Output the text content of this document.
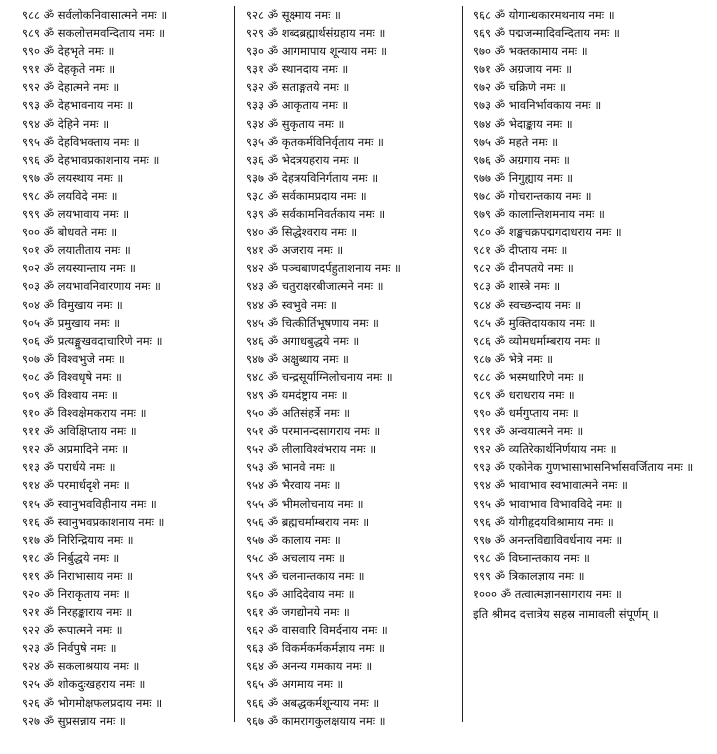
९८८ ॐ सर्वलोकनिवासात्मने नमः ॥
९८९ ॐ सकलोत्तमवन्दिताय नमः ॥
९९० ॐ देहभृते नमः ॥
९९१ ॐ देहकृते नमः ॥
९९२ ॐ देहात्मने नमः ॥
९९३ ॐ देहभावनाय नमः ॥
९९४ ॐ देहिने नमः ॥
९९५ ॐ देहविभक्ताय नमः ॥
९९६ ॐ देहभावप्रकाशनाय नमः ॥
९९७ ॐ लयस्थाय नमः ॥
९९८ ॐ लयविदे नमः ॥
९९९ ॐ लयभावाय नमः ॥
९०० ॐ बोधवते नमः ॥
९०१ ॐ लयातीताय नमः ॥
९०२ ॐ लयस्यान्ताय नमः ॥
९०३ ॐ लयभावनिवारणाय नमः ॥
९०४ ॐ विमुखाय नमः ॥
९०५ ॐ प्रमुखाय नमः ॥
९०६ ॐ प्रत्यङ्मुखवदाचारिणे नमः ॥
९०७ ॐ विश्वभुजे नमः ॥
९०८ ॐ विश्वधृषे नमः ॥
९०९ ॐ विश्वाय नमः ॥
९१० ॐ विश्वक्षेमकराय नमः ॥
९११ ॐ अविक्षिप्ताय नमः ॥
९१२ ॐ अप्रमादिने नमः ॥
९१३ ॐ परार्धये नमः ॥
९१४ ॐ परमार्धदृशे नमः ॥
९१५ ॐ स्वानुभवविहीनाय नमः ॥
९१६ ॐ स्वानुभवप्रकाशनाय नमः ॥
९१७ ॐ निरिन्द्रियाय नमः ॥
९१८ ॐ निर्बुद्धये नमः ॥
९१९ ॐ निराभासाय नमः ॥
९२० ॐ निराकृताय नमः ॥
९२१ ॐ निरहङ्काराय नमः ॥
९२२ ॐ रूपात्मने नमः ॥
९२३ ॐ निर्वपुषे नमः ॥
९२४ ॐ सकलाश्रयाय नमः ॥
९२५ ॐ शोकदुःखहराय नमः ॥
९२६ ॐ भोगमोक्षफलप्रदाय नमः ॥
९२७ ॐ सुप्रसन्नाय नमः ॥
९२८ ॐ सूक्ष्माय नमः ॥
९२९ ॐ शब्दब्रह्मार्थसंग्रहाय नमः ॥
९३० ॐ आगमापाय शून्याय नमः ॥
९३१ ॐ स्थानदाय नमः ॥
९३२ ॐ सताङ्गतये नमः ॥
९३३ ॐ आकृताय नमः ॥
९३४ ॐ सुकृताय नमः ॥
९३५ ॐ कृतकर्मविनिर्वृताय नमः ॥
९३६ ॐ भेदत्रयहराय नमः ॥
९३७ ॐ देहत्रयविनिर्गताय नमः ॥
९३८ ॐ सर्वकामप्रदाय नमः ॥
९३९ ॐ सर्वकामनिवर्तकाय नमः ॥
९४० ॐ सिद्धेश्वराय नमः ॥
९४१ ॐ अजराय नमः ॥
९४२ ॐ पञ्चबाणदर्पहुताशनाय नमः ॥
९४३ ॐ चतुराक्षरबीजात्मने नमः ॥
९४४ ॐ स्वभुवे नमः ॥
९४५ ॐ चित्कीर्तिभूषणाय नमः ॥
९४६ ॐ अगाधबुद्धये नमः ॥
९४७ ॐ अक्षुब्धाय नमः ॥
९४८ ॐ चन्द्रसूर्याग्निलोचनाय नमः ॥
९४९ ॐ यमदंष्ट्राय नमः ॥
९५० ॐ अतिसंहर्त्रे नमः ॥
९५१ ॐ परमानन्दसागराय नमः ॥
९५२ ॐ लीलाविश्वंभराय नमः ॥
९५३ ॐ भानवे नमः ॥
९५४ ॐ भैरवाय नमः ॥
९५५ ॐ भीमलोचनाय नमः ॥
९५६ ॐ ब्रह्मचर्माम्बराय नमः ॥
९५७ ॐ कालाय नमः ॥
९५८ ॐ अचलाय नमः ॥
९५९ ॐ चलनान्तकाय नमः ॥
९६० ॐ आदिदेवाय नमः ॥
९६१ ॐ जगद्योनये नमः ॥
९६२ ॐ वासवारि विमर्दनाय नमः ॥
९६३ ॐ विकर्मकर्मकर्मज्ञाय नमः ॥
९६४ ॐ अनन्य गमकाय नमः ॥
९६५ ॐ अगमाय नमः ॥
९६६ ॐ अबद्धकर्मशून्याय नमः ॥
९६७ ॐ कामरागकुलक्षयाय नमः ॥
९६८ ॐ योगान्धकारमथनाय नमः ॥
९६९ ॐ पद्मजन्मादिवन्दिताय नमः ॥
९७० ॐ भक्तकामाय नमः ॥
९७१ ॐ अग्रजाय नमः ॥
९७२ ॐ चक्रिणे नमः ॥
९७३ ॐ भावनिर्भावकाय नमः ॥
९७४ ॐ भेदाङ्काय नमः ॥
९७५ ॐ महते नमः ॥
९७६ ॐ अग्रगाय नमः ॥
९७७ ॐ निगुह्याय नमः ॥
९७८ ॐ गोचरान्तकाय नमः ॥
९७९ ॐ कालान्तिशमनाय नमः ॥
९८० ॐ शङ्खचक्रपद्मगदाधराय नमः ॥
९८१ ॐ दीप्ताय नमः ॥
९८२ ॐ दीनपतये नमः ॥
९८३ ॐ शास्त्रे नमः ॥
९८४ ॐ स्वच्छन्दाय नमः ॥
९८५ ॐ मुक्तिदायकाय नमः ॥
९८६ ॐ व्योमधर्माम्बराय नमः ॥
९८७ ॐ भेत्रे नमः ॥
९८८ ॐ भस्मधारिणे नमः ॥
९८९ ॐ धराधराय नमः ॥
९९० ॐ धर्मगुप्ताय नमः ॥
९९१ ॐ अन्वयात्मने नमः ॥
९९२ ॐ व्यतिरेकार्थनिर्णयाय नमः ॥
९९३ ॐ एकोनेक गुणभासाभासनिर्भासवर्जिताय नमः ॥
९९४ ॐ भावाभाव स्वभावात्मने नमः ॥
९९५ ॐ भावाभाव विभावविदे नमः ॥
९९६ ॐ योगीहृदयविश्रामाय नमः ॥
९९७ ॐ अनन्तविद्याविवर्धनाय नमः ॥
९९८ ॐ विघ्नान्तकाय नमः ॥
९९९ ॐ त्रिकालज्ञाय नमः ॥
१००० ॐ तत्वात्मज्ञानसागराय नमः ॥
इति श्रीमद दत्तात्रेय सहस्र नामावली संपूर्णम् ॥
